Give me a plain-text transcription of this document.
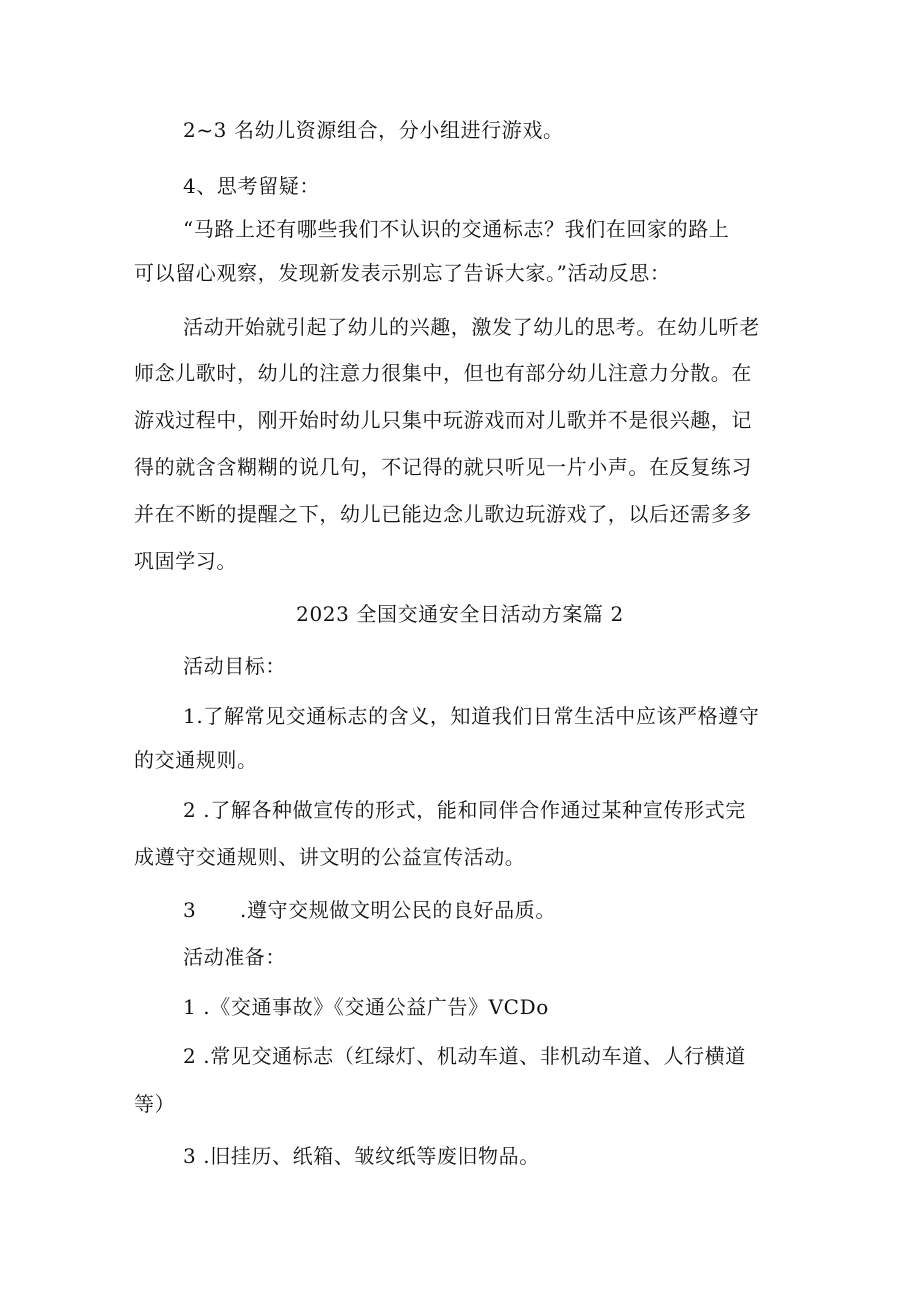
2~3 名幼儿资源组合，分小组进行游戏。
4、思考留疑：
“马路上还有哪些我们不认识的交通标志？我们在回家的路上
可以留心观察，发现新发表示别忘了告诉大家。”活动反思：
活动开始就引起了幼儿的兴趣，激发了幼儿的思考。在幼儿听老
师念儿歌时，幼儿的注意力很集中，但也有部分幼儿注意力分散。在
游戏过程中，刚开始时幼儿只集中玩游戏而对儿歌并不是很兴趣，记
得的就含含糊糊的说几句，不记得的就只听见一片小声。在反复练习
并在不断的提醒之下，幼儿已能边念儿歌边玩游戏了，以后还需多多
巩固学习。
2023 全国交通安全日活动方案篇 2
活动目标：
1.了解常见交通标志的含义，知道我们日常生活中应该严格遵守
的交通规则。
2 .了解各种做宣传的形式，能和同伴合作通过某种宣传形式完
成遵守交通规则、讲文明的公益宣传活动。
3 .遵守交规做文明公民的良好品质。
活动准备：
1 .《交通事故》《交通公益广告》VCDo
2 .常见交通标志（红绿灯、机动车道、非机动车道、人行横道
等）
3 .旧挂历、纸箱、皱纹纸等废旧物品。
